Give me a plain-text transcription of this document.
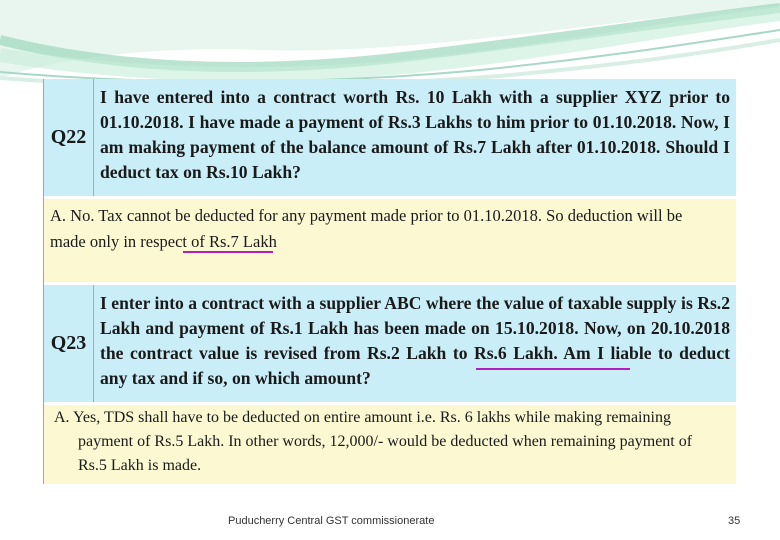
Q22
I have entered into a contract worth Rs. 10 Lakh with a supplier XYZ prior to 01.10.2018. I have made a payment of Rs.3 Lakhs to him prior to 01.10.2018. Now, I am making payment of the balance amount of Rs.7 Lakh after 01.10.2018. Should I deduct tax on Rs.10 Lakh?
A. No. Tax cannot be deducted for any payment made prior to 01.10.2018. So deduction will be
made only in respect of Rs.7 Lakh
Q23
I enter into a contract with a supplier ABC where the value of taxable supply is Rs.2 Lakh and payment of Rs.1 Lakh has been made on 15.10.2018. Now, on 20.10.2018 the contract value is revised from Rs.2 Lakh to Rs.6 Lakh. Am I liable to deduct any tax and if so, on which amount?
A. Yes, TDS shall have to be deducted on entire amount i.e. Rs. 6 lakhs while making remaining
payment of Rs.5 Lakh. In other words, 12,000/- would be deducted when remaining payment of
Rs.5 Lakh is made.
Puducherry Central GST commissionerate	35
